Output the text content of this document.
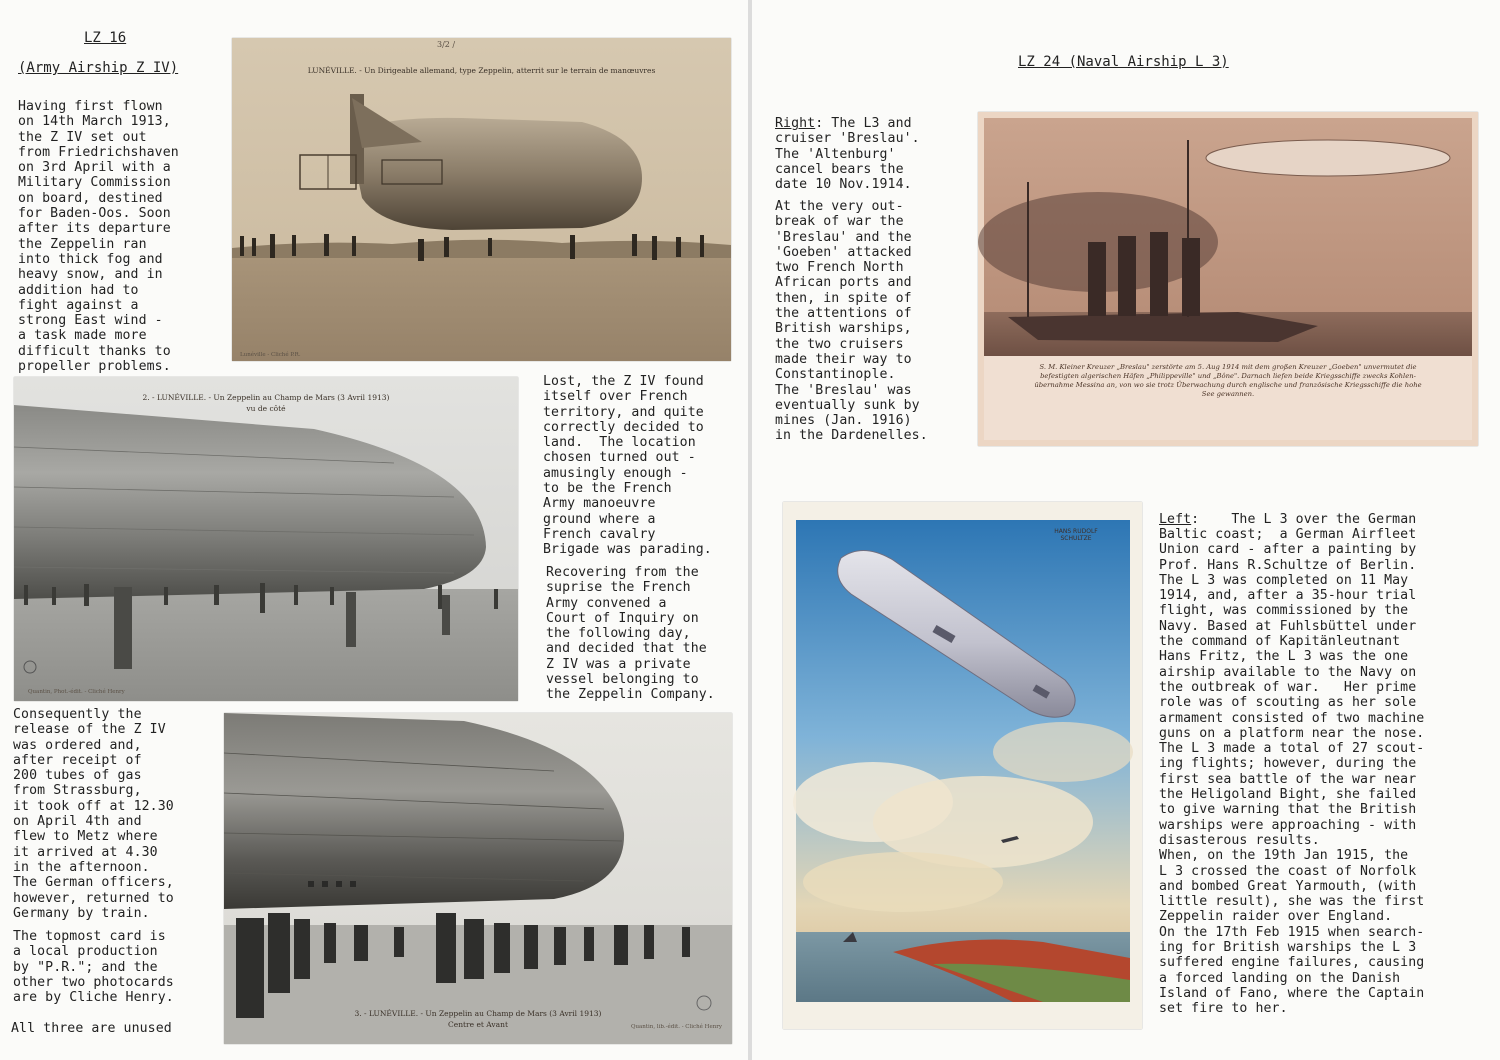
LZ 16
(Army Airship Z IV)
Having first flown
on 14th March 1913,
the Z IV set out
from Friedrichshaven
on 3rd April with a
Military Commission
on board, destined
for Baden-Oos. Soon
after its departure
the Zeppelin ran
into thick fog and
heavy snow, and in
addition had to
fight against a
strong East wind -
a task made more
difficult thanks to
propeller problems.
Lost, the Z IV found
itself over French
territory, and quite
correctly decided to
land.  The location
chosen turned out -
amusingly enough -
to be the French
Army manoeuvre
ground where a
French cavalry
Brigade was parading.
Recovering from the
suprise the French
Army convened a
Court of Inquiry on
the following day,
and decided that the
Z IV was a private
vessel belonging to
the Zeppelin Company.
Consequently the
release of the Z IV
was ordered and,
after receipt of
200 tubes of gas
from Strassburg,
it took off at 12.30
on April 4th and
flew to Metz where
it arrived at 4.30
in the afternoon.
The German officers,
however, returned to
Germany by train.
The topmost card is
a local production
by "P.R."; and the
other two photocards
are by Cliche Henry.
All three are unused
LUNÉVILLE. - Un Dirigeable allemand, type Zeppelin, atterrit sur le terrain de manœuvres
Lunéville - Cliché P.R.
3/2 /
2. - LUNÉVILLE. - Un Zeppelin au Champ de Mars (3 Avril 1913)
vu de côté
Quantin, Phot.-édit. - Cliché Henry
3. - LUNÉVILLE. - Un Zeppelin au Champ de Mars (3 Avril 1913)
Centre et Avant	Quantin, lib.-édit. - Cliché Henry
LZ 24 (Naval Airship L 3)
Right: The L3 and
cruiser 'Breslau'.
The 'Altenburg'
cancel bears the
date 10 Nov.1914.
At the very out-
break of war the
'Breslau' and the
'Goeben' attacked
two French North
African ports and
then, in spite of
the attentions of
British warships,
the two cruisers
made their way to
Constantinople.
The 'Breslau' was
eventually sunk by
mines (Jan. 1916)
in the Dardenelles.
Left:    The L 3 over the German
Baltic coast;  a German Airfleet
Union card - after a painting by
Prof. Hans R.Schultze of Berlin.
The L 3 was completed on 11 May
1914, and, after a 35-hour trial
flight, was commissioned by the
Navy. Based at Fuhlsbüttel under
the command of Kapitänleutnant
Hans Fritz, the L 3 was the one
airship available to the Navy on
the outbreak of war.   Her prime
role was of scouting as her sole
armament consisted of two machine
guns on a platform near the nose.
The L 3 made a total of 27 scout-
ing flights; however, during the
first sea battle of the war near
the Heligoland Bight, she failed
to give warning that the British
warships were approaching - with
disasterous results.
When, on the 19th Jan 1915, the
L 3 crossed the coast of Norfolk
and bombed Great Yarmouth, (with
little result), she was the first
Zeppelin raider over England.
On the 17th Feb 1915 when search-
ing for British warships the L 3
suffered engine failures, causing
a forced landing on the Danish
Island of Fano, where the Captain
set fire to her.
S. M. Kleiner Kreuzer „Breslau" zerstörte am 5. Aug 1914 mit dem großen Kreuzer „Goeben" unvermutet die
befestigten algerischen Häfen „Philippeville" und „Bône". Darnach liefen beide Kriegsschiffe zwecks Kohlen-
übernahme Messina an, von wo sie trotz Überwachung durch englische und französische Kriegsschiffe die hohe
See gewannen.
HANS RUDOLF
SCHULTZE
